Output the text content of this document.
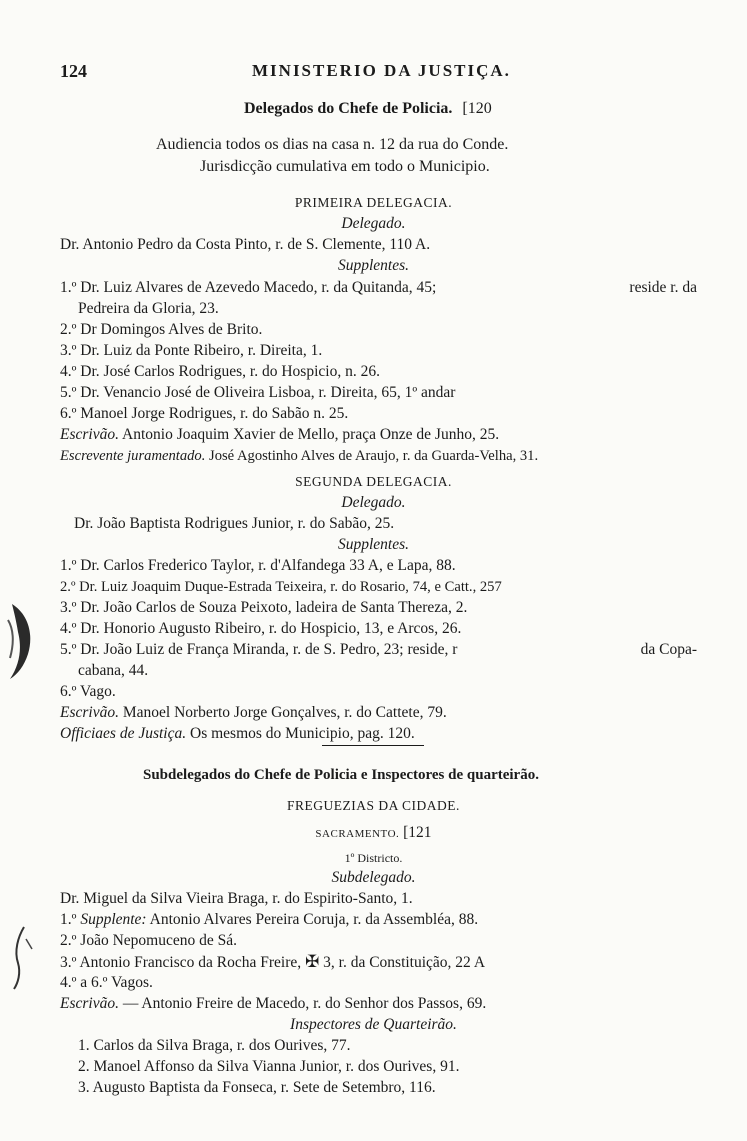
124	MINISTERIO DA JUSTIÇA.
Delegados do Chefe de Policia. [120
Audiencia todos os dias na casa n. 12 da rua do Conde.
Jurisdicção cumulativa em todo o Municipio.
PRIMEIRA DELEGACIA.
Delegado.
Dr. Antonio Pedro da Costa Pinto, r. de S. Clemente, 110 A.
Supplentes.
1.º Dr. Luiz Alvares de Azevedo Macedo, r. da Quitanda, 45;	reside r. da
Pedreira da Gloria, 23.
2.º Dr Domingos Alves de Brito.
3.º Dr. Luiz da Ponte Ribeiro, r. Direita, 1.
4.º Dr. José Carlos Rodrigues, r. do Hospicio, n. 26.
5.º Dr. Venancio José de Oliveira Lisboa, r. Direita, 65, 1º andar
6.º Manoel Jorge Rodrigues, r. do Sabão n. 25.
Escrivão. Antonio Joaquim Xavier de Mello, praça Onze de Junho, 25.
Escrevente juramentado. José Agostinho Alves de Araujo, r. da Guarda-Velha, 31.
SEGUNDA DELEGACIA.
Delegado.
Dr. João Baptista Rodrigues Junior, r. do Sabão, 25.
Supplentes.
1.º Dr. Carlos Frederico Taylor, r. d'Alfandega 33 A, e Lapa, 88.
2.º Dr. Luiz Joaquim Duque-Estrada Teixeira, r. do Rosario, 74, e Catt., 257
3.º Dr. João Carlos de Souza Peixoto, ladeira de Santa Thereza, 2.
4.º Dr. Honorio Augusto Ribeiro, r. do Hospicio, 13, e Arcos, 26.
5.º Dr. João Luiz de França Miranda, r. de S. Pedro, 23; reside, r	da Copa-
cabana, 44.
6.º Vago.
Escrivão. Manoel Norberto Jorge Gonçalves, r. do Cattete, 79.
Officiaes de Justiça. Os mesmos do Municipio, pag. 120.
Subdelegados do Chefe de Policia e Inspectores de quarteirão.
FREGUEZIAS DA CIDADE.
SACRAMENTO. [121
1º Districto.
Subdelegado.
Dr. Miguel da Silva Vieira Braga, r. do Espirito-Santo, 1.
1.º Supplente: Antonio Alvares Pereira Coruja, r. da Assembléa, 88.
2.º João Nepomuceno de Sá.
3.º Antonio Francisco da Rocha Freire, ✠ 3, r. da Constituição, 22 A
4.º a 6.º Vagos.
Escrivão. — Antonio Freire de Macedo, r. do Senhor dos Passos, 69.
Inspectores de Quarteirão.
1. Carlos da Silva Braga, r. dos Ourives, 77.
2. Manoel Affonso da Silva Vianna Junior, r. dos Ourives, 91.
3. Augusto Baptista da Fonseca, r. Sete de Setembro, 116.
